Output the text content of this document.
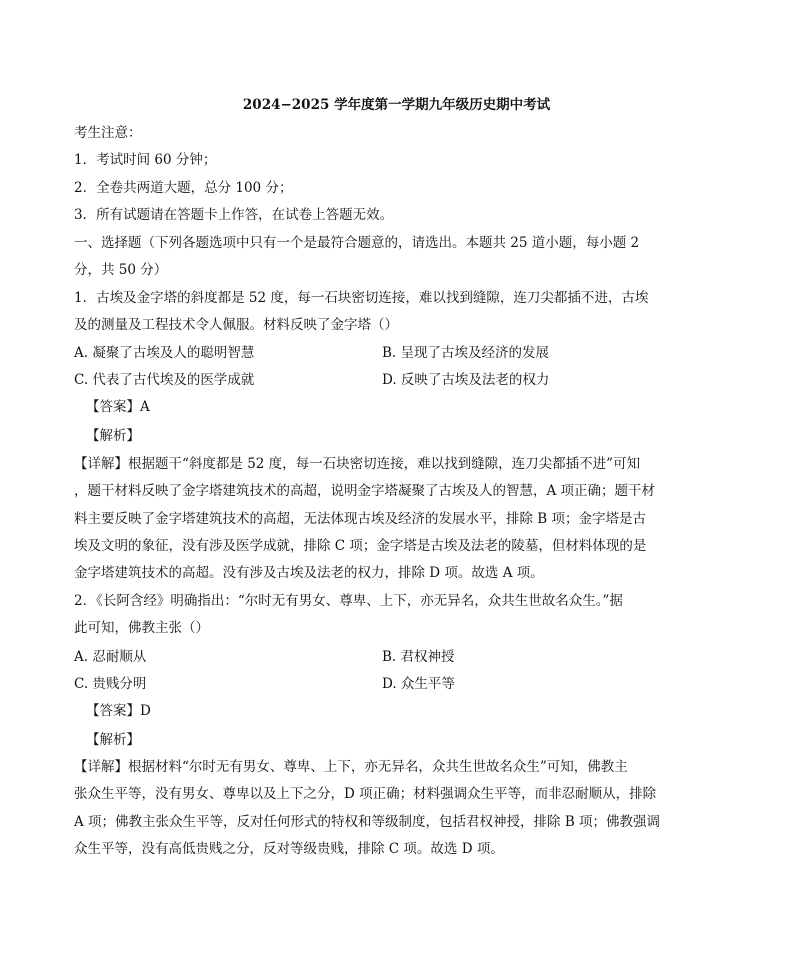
2024−2025 学年度第一学期九年级历史期中考试
考生注意：
1．考试时间 60 分钟；
2．全卷共两道大题，总分 100 分；
3．所有试题请在答题卡上作答，在试卷上答题无效。
一、选择题（下列各题选项中只有一个是最符合题意的，请选出。本题共 25 道小题，每小题 2
分，共 50 分）
1．古埃及金字塔的斜度都是 52 度，每一石块密切连接，难以找到缝隙，连刀尖都插不进，古埃
及的测量及工程技术令人佩服。材料反映了金字塔（）
A. 凝聚了古埃及人的聪明智慧	B. 呈现了古埃及经济的发展
C. 代表了古代埃及的医学成就	D. 反映了古埃及法老的权力
【答案】A
【解析】
【详解】根据题干“斜度都是 52 度，每一石块密切连接，难以找到缝隙，连刀尖都插不进”可知
，题干材料反映了金字塔建筑技术的高超，说明金字塔凝聚了古埃及人的智慧，A 项正确；题干材
料主要反映了金字塔建筑技术的高超，无法体现古埃及经济的发展水平，排除 B 项；金字塔是古
埃及文明的象征，没有涉及医学成就，排除 C 项；金字塔是古埃及法老的陵墓，但材料体现的是
金字塔建筑技术的高超。没有涉及古埃及法老的权力，排除 D 项。故选 A 项。
2．《长阿含经》明确指出：“尔时无有男女、尊卑、上下，亦无异名，众共生世故名众生。”据
此可知，佛教主张（）
A. 忍耐顺从	B. 君权神授
C. 贵贱分明	D. 众生平等
【答案】D
【解析】
【详解】根据材料“尔时无有男女、尊卑、上下，亦无异名，众共生世故名众生”可知，佛教主
张众生平等，没有男女、尊卑以及上下之分，D 项正确；材料强调众生平等，而非忍耐顺从，排除
A 项；佛教主张众生平等，反对任何形式的特权和等级制度，包括君权神授，排除 B 项；佛教强调
众生平等，没有高低贵贱之分，反对等级贵贱，排除 C 项。故选 D 项。
